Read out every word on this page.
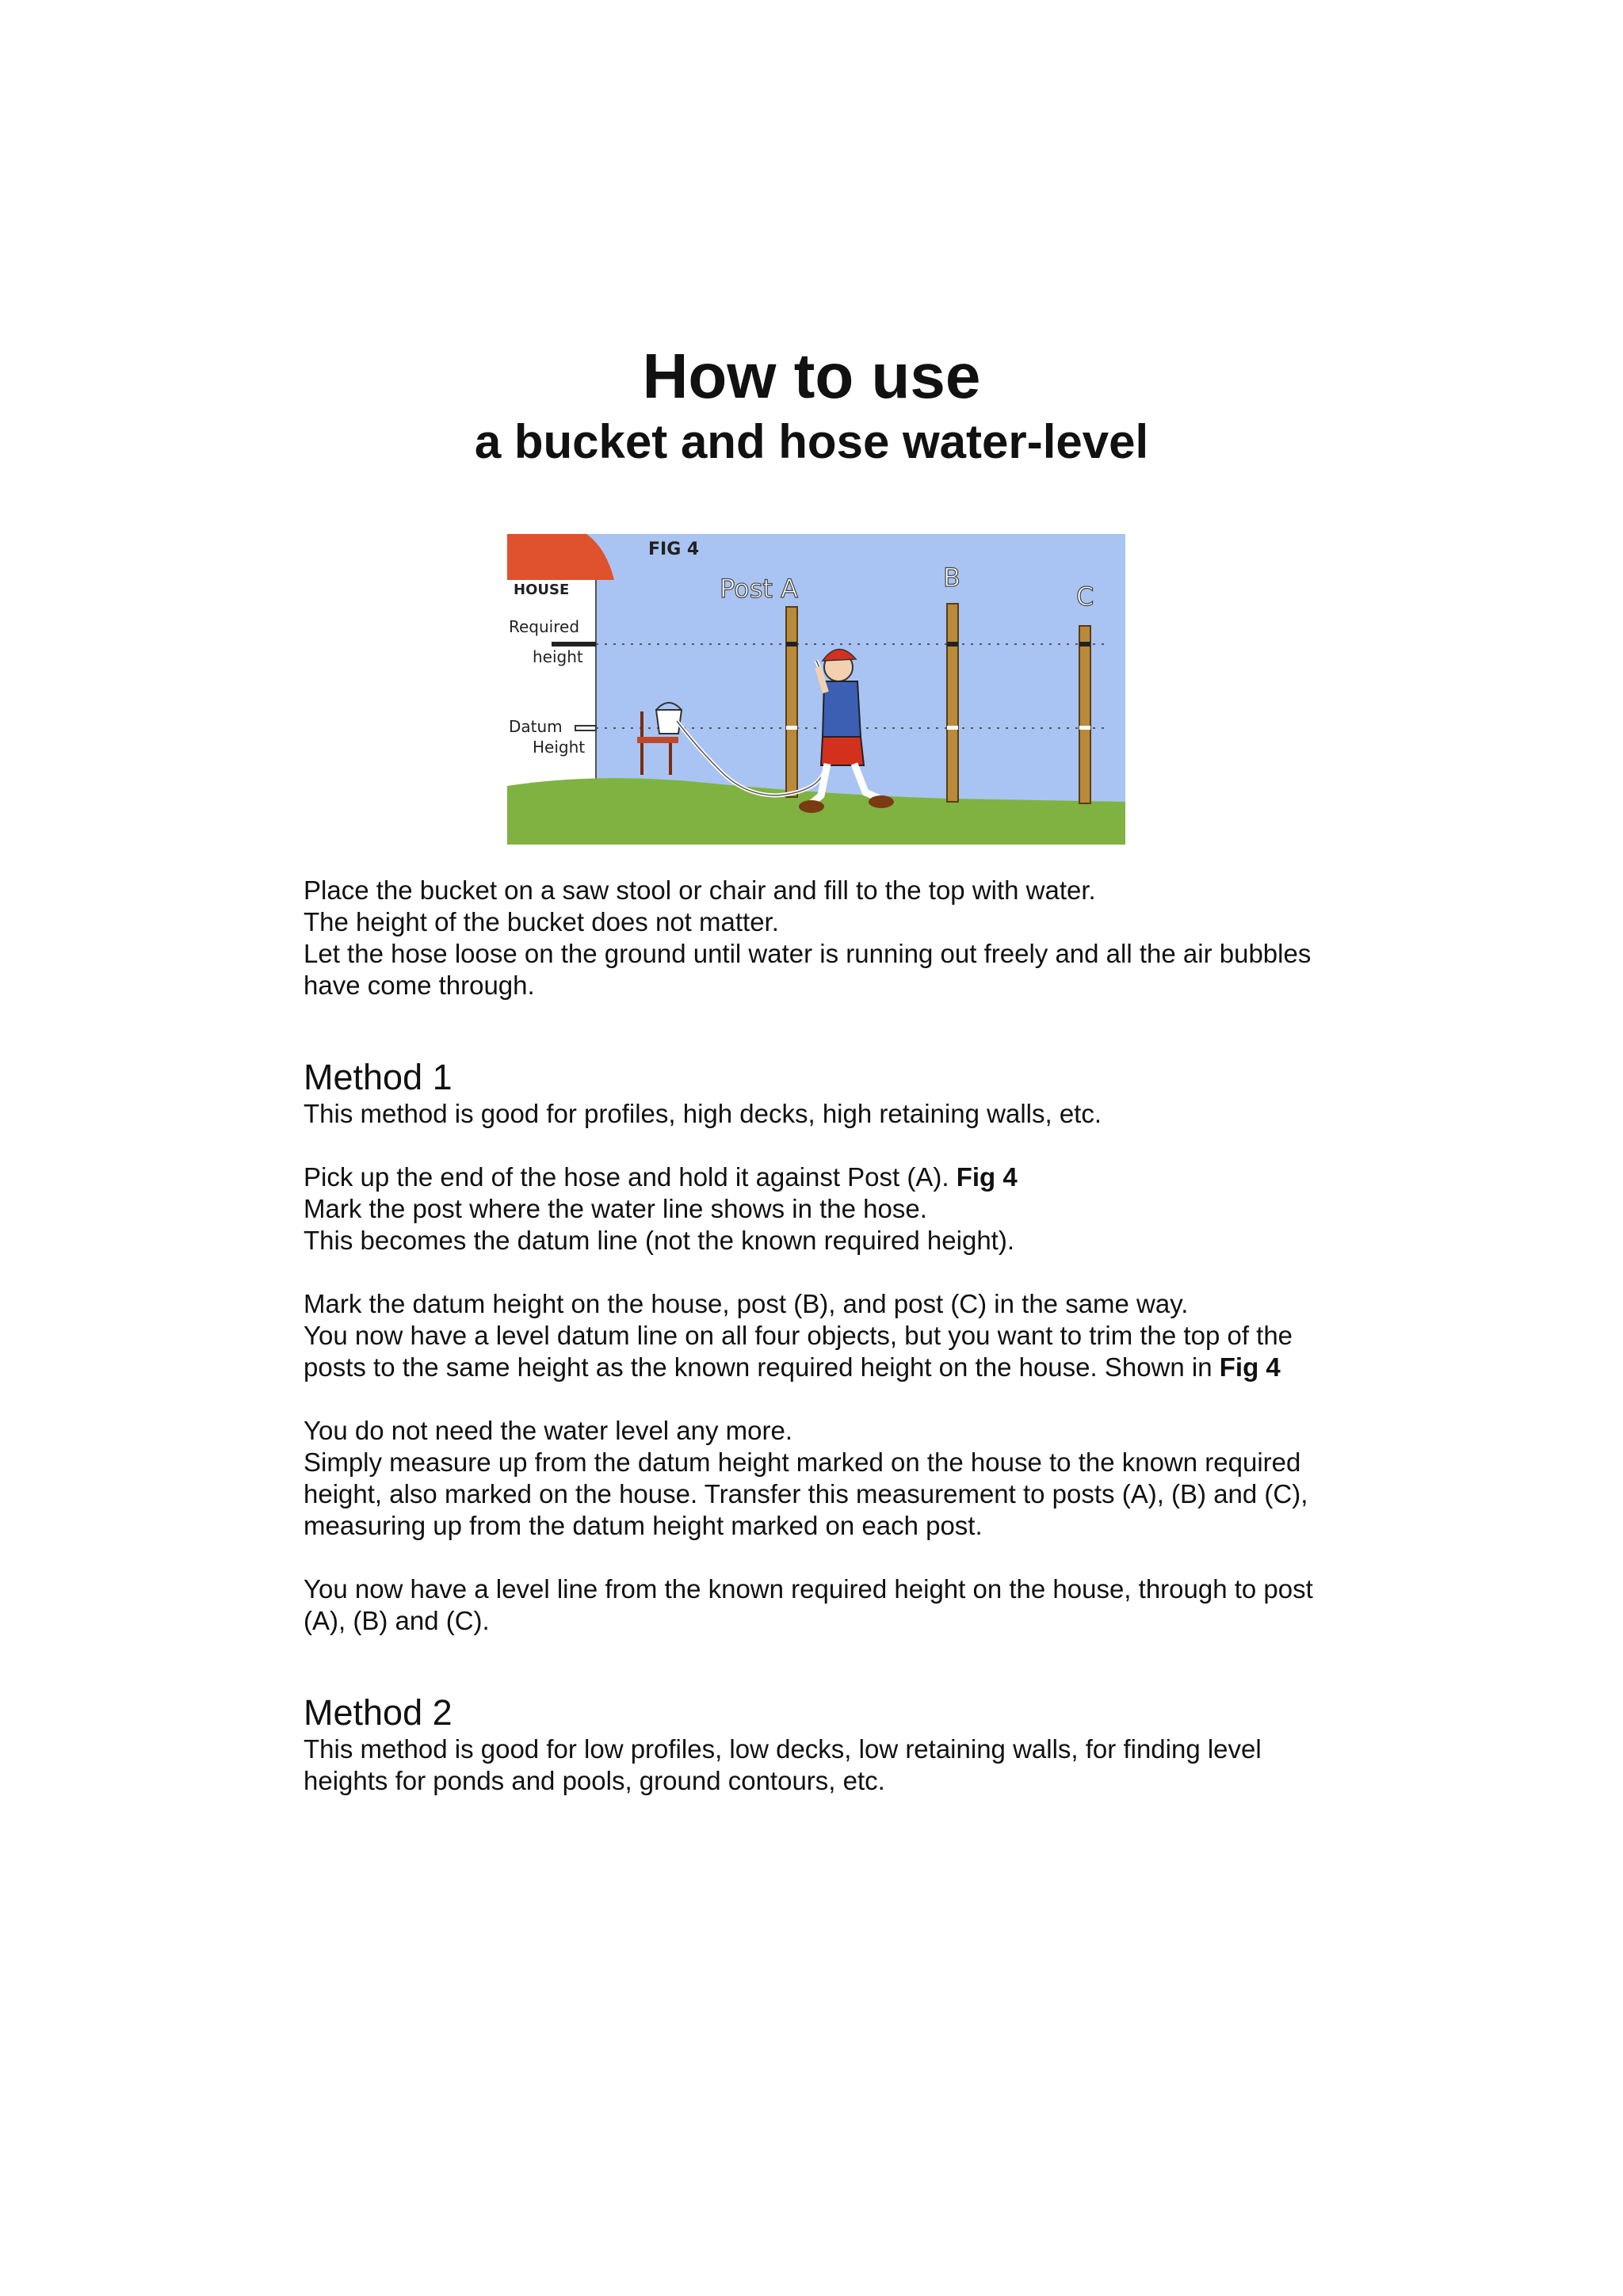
How to use
a bucket and hose water-level
FIG 4
HOUSE
Required
height
Datum
Height
Post A	B
C

Place the bucket on a saw stool or chair and fill to the top with water.

The height of the bucket does not matter.

Let the hose loose on the ground until water is running out freely and all the air bubbles have come through.

Method 1

This method is good for profiles, high decks, high retaining walls, etc.

Pick up the end of the hose and hold it against Post (A). Fig 4

Mark the post where the water line shows in the hose.

This becomes the datum line (not the known required height).

Mark the datum height on the house, post (B), and post (C) in the same way.

You now have a level datum line on all four objects, but you want to trim the top of the posts to the same height as the known required height on the house. Shown in Fig 4

You do not need the water level any more.

Simply measure up from the datum height marked on the house to the known required height, also marked on the house. Transfer this measurement to posts (A), (B) and (C), measuring up from the datum height marked on each post.

You now have a level line from the known required height on the house, through to post (A), (B) and (C).

Method 2

This method is good for low profiles, low decks, low retaining walls, for finding level heights for ponds and pools, ground contours, etc.
